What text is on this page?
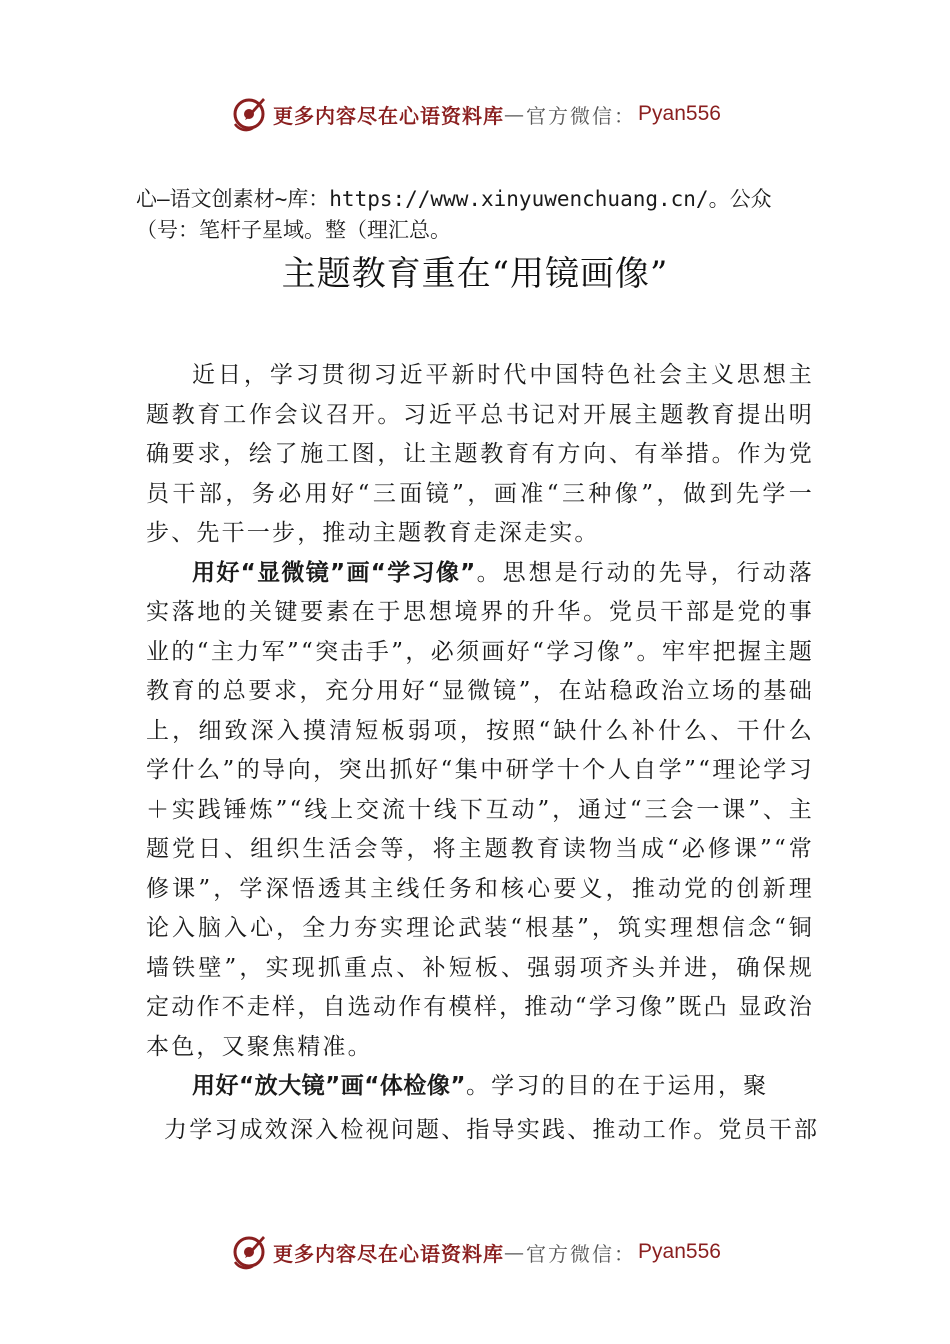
更多内容尽在心语资料库 — 官方微信： Pyan556
心—语文创素材~库：https://www.xinyuwenchuang.cn/。公众（号：笔杆子星域。整（理汇总。
主题教育重在“用镜画像”

近日，学习贯彻习近平新时代中国特色社会主义思想主题教育工作会议召开。习近平总书记对开展主题教育提出明确要求，绘了施工图，让主题教育有方向、有举措。作为党员干部，务必用好“三面镜”，画准“三种像”，做到先学一步、先干一步，推动主题教育走深走实。

用好“显微镜”画“学习像”。思想是行动的先导，行动落实落地的关键要素在于思想境界的升华。党员干部是党的事业的“主力军”“突击手”，必须画好“学习像”。牢牢把握主题教育的总要求，充分用好“显微镜”，在站稳政治立场的基础上，细致深入摸清短板弱项，按照“缺什么补什么、干什么学什么”的导向，突出抓好“集中研学十个人自学”“理论学习＋实践锤炼”“线上交流十线下互动”，通过“三会一课”、主题党日、组织生活会等，将主题教育读物当成“必修课”“常修课”，学深悟透其主线任务和核心要义，推动党的创新理论入脑入心，全力夯实理论武装“根基”，筑实理想信念“铜墙铁壁”，实现抓重点、补短板、强弱项齐头并进，确保规定动作不走样，自选动作有模样，推动“学习像”既凸 显政治本色，又聚焦精准。

用好“放大镜”画“体检像”。学习的目的在于运用，聚

力学习成效深入检视问题、指导实践、推动工作。党员干部
更多内容尽在心语资料库 — 官方微信： Pyan556
